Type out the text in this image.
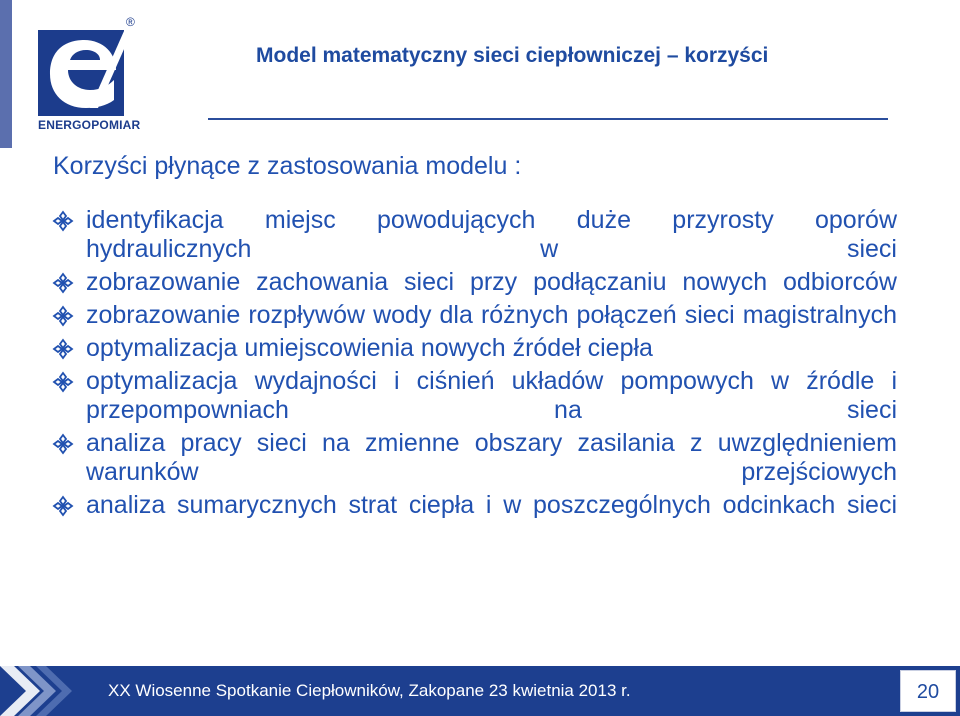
®
ENERGOPOMIAR
Model matematyczny sieci ciepłowniczej – korzyści
Korzyści płynące z zastosowania modelu :
identyfikacja miejsc powodujących duże przyrosty oporów hydraulicznych w sieci
zobrazowanie zachowania sieci przy podłączaniu nowych odbiorców
zobrazowanie rozpływów wody dla różnych połączeń sieci magistralnych
optymalizacja umiejscowienia nowych źródeł ciepła
optymalizacja wydajności i ciśnień układów pompowych w źródle i przepompowniach na sieci
analiza pracy sieci na zmienne obszary zasilania z uwzględnieniem warunków przejściowych
analiza sumarycznych strat ciepła i w poszczególnych odcinkach sieci
XX Wiosenne Spotkanie Ciepłowników, Zakopane 23 kwietnia 2013 r.	20
